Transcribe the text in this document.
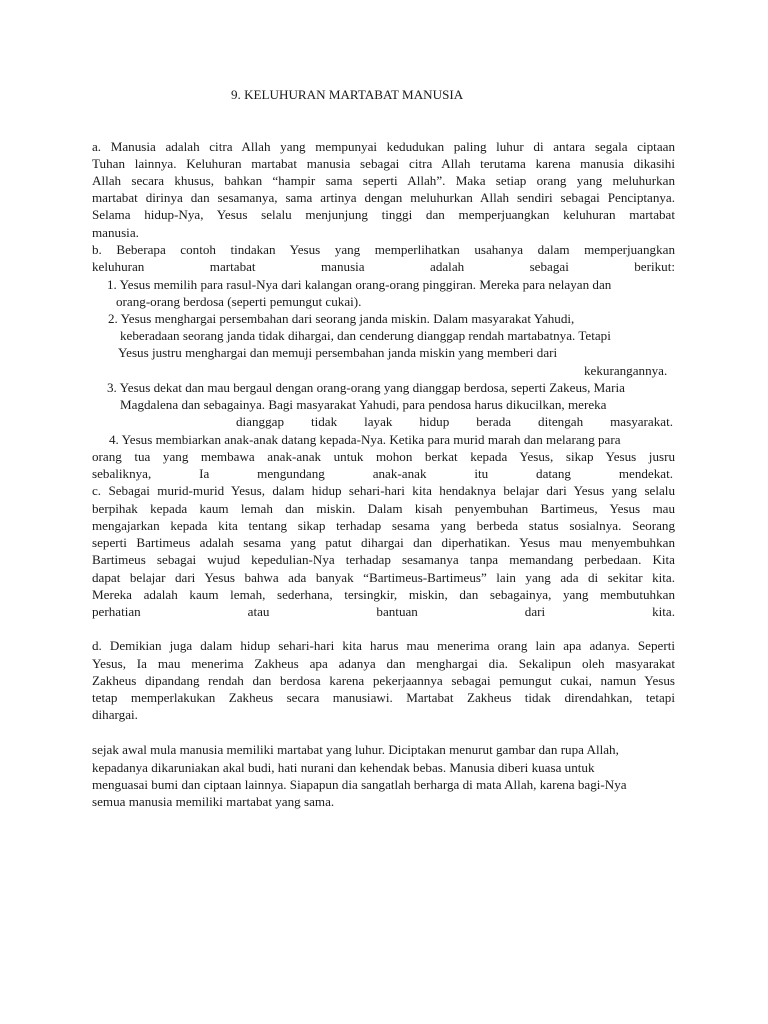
9. KELUHURAN MARTABAT MANUSIA
a. Manusia adalah citra Allah yang mempunyai kedudukan paling luhur di antara segala ciptaan
Tuhan lainnya. Keluhuran martabat manusia sebagai citra Allah terutama karena manusia dikasihi
Allah secara khusus, bahkan “hampir sama seperti Allah”. Maka setiap orang yang meluhurkan
martabat dirinya dan sesamanya, sama artinya dengan meluhurkan Allah sendiri sebagai Penciptanya.
Selama hidup-Nya, Yesus selalu menjunjung tinggi dan memperjuangkan keluhuran martabat
manusia.
b. Beberapa contoh tindakan Yesus yang memperlihatkan usahanya dalam memperjuangkan
keluhuran martabat manusia adalah sebagai berikut:
1. Yesus memilih para rasul-Nya dari kalangan orang-orang pinggiran. Mereka para nelayan dan
orang-orang berdosa (seperti pemungut cukai).
2. Yesus menghargai persembahan dari seorang janda miskin. Dalam masyarakat Yahudi,
keberadaan seorang janda tidak dihargai, dan cenderung dianggap rendah martabatnya. Tetapi
Yesus justru menghargai dan memuji persembahan janda miskin yang memberi dari
kekurangannya.
3. Yesus dekat dan mau bergaul dengan orang-orang yang dianggap berdosa, seperti Zakeus, Maria
Magdalena dan sebagainya. Bagi masyarakat Yahudi, para pendosa harus dikucilkan, mereka
dianggap tidak layak hidup berada ditengah masyarakat.
4. Yesus membiarkan anak-anak datang kepada-Nya. Ketika para murid marah dan melarang para
orang tua yang membawa anak-anak untuk mohon berkat kepada Yesus, sikap Yesus jusru
sebaliknya, Ia mengundang anak-anak itu datang mendekat.
c. Sebagai murid-murid Yesus, dalam hidup sehari-hari kita hendaknya belajar dari Yesus yang selalu
berpihak kepada kaum lemah dan miskin. Dalam kisah penyembuhan Bartimeus, Yesus mau
mengajarkan kepada kita tentang sikap terhadap sesama yang berbeda status sosialnya. Seorang
seperti Bartimeus adalah sesama yang patut dihargai dan diperhatikan. Yesus mau menyembuhkan
Bartimeus sebagai wujud kepedulian-Nya terhadap sesamanya tanpa memandang perbedaan. Kita
dapat belajar dari Yesus bahwa ada banyak “Bartimeus-Bartimeus” lain yang ada di sekitar kita.
Mereka adalah kaum lemah, sederhana, tersingkir, miskin, dan sebagainya, yang membutuhkan
perhatian atau bantuan dari kita.
d. Demikian juga dalam hidup sehari-hari kita harus mau menerima orang lain apa adanya. Seperti
Yesus, Ia mau menerima Zakheus apa adanya dan menghargai dia. Sekalipun oleh masyarakat
Zakheus dipandang rendah dan berdosa karena pekerjaannya sebagai pemungut cukai, namun Yesus
tetap memperlakukan Zakheus secara manusiawi. Martabat Zakheus tidak direndahkan, tetapi
dihargai.
sejak awal mula manusia memiliki martabat yang luhur. Diciptakan menurut gambar dan rupa Allah,
kepadanya dikaruniakan akal budi, hati nurani dan kehendak bebas. Manusia diberi kuasa untuk
menguasai bumi dan ciptaan lainnya. Siapapun dia sangatlah berharga di mata Allah, karena bagi-Nya
semua manusia memiliki martabat yang sama.
